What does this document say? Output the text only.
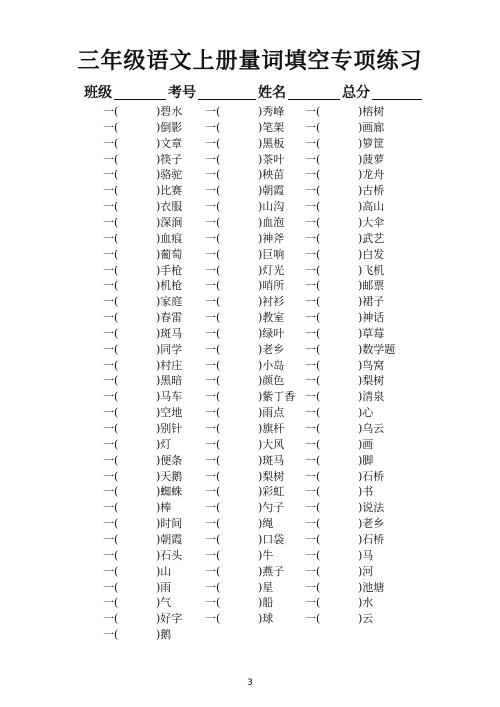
三年级语文上册量词填空专项练习
班级	考号	姓名	总分
一(	)碧水 一(	)秀峰 一(	)榕树
一(	)倒影 一(	)笔架 一(	)画廊
一(	)文章 一(	)黑板 一(	)箩筐
一(	)筷子 一(	)茶叶 一(	)菠萝
一(	)骆驼 一(	)秧苗 一(	)龙舟
一(	)比赛 一(	)朝霞 一(	)古桥
一(	)衣服 一(	)山沟 一(	)高山
一(	)深涧 一(	)血泡 一(	)大伞
一(	)血痕 一(	)神斧 一(	)武艺
一(	)葡萄 一(	)巨响 一(	)白发
一(	)手枪 一(	)灯光 一(	)飞机
一(	)机枪 一(	)哨所 一(	)邮票
一(	)家庭 一(	)衬衫 一(	)裙子
一(	)春雷 一(	)教室 一(	)神话
一(	)斑马 一(	)绿叶 一(	)草莓
一(	)同学 一(	)老乡 一(	)数学题
一(	)村庄 一(	)小岛 一(	)鸟窝
一(	)黑暗 一(	)颜色 一(	)梨树
一(	)马车 一(	)紫丁香 一(	)清泉
一(	)空地 一(	)雨点 一(	)心
一(	)别针 一(	)旗杆 一(	)乌云
一(	)灯	一(	)大风 一(	)画
一(	)便条 一(	)斑马 一(	)脚
一(	)天鹅 一(	)梨树 一(	)石桥
一(	)蜘蛛 一(	)彩虹 一(	)书
一(	)棒	一(	)勺子 一(	)说法
一(	)时间 一(	)绳	一(	)老乡
一(	)朝霞 一(	)口袋 一(	)石桥
一(	)石头 一(	)牛	一(	)马
一(	)山	一(	)燕子 一(	)河
一(	)雨	一(	)星	一(	)池塘
一(	)气	一(	)船	一(	)水
一(	)好字 一(	)球	一(	)云
一(	)鹅
3
